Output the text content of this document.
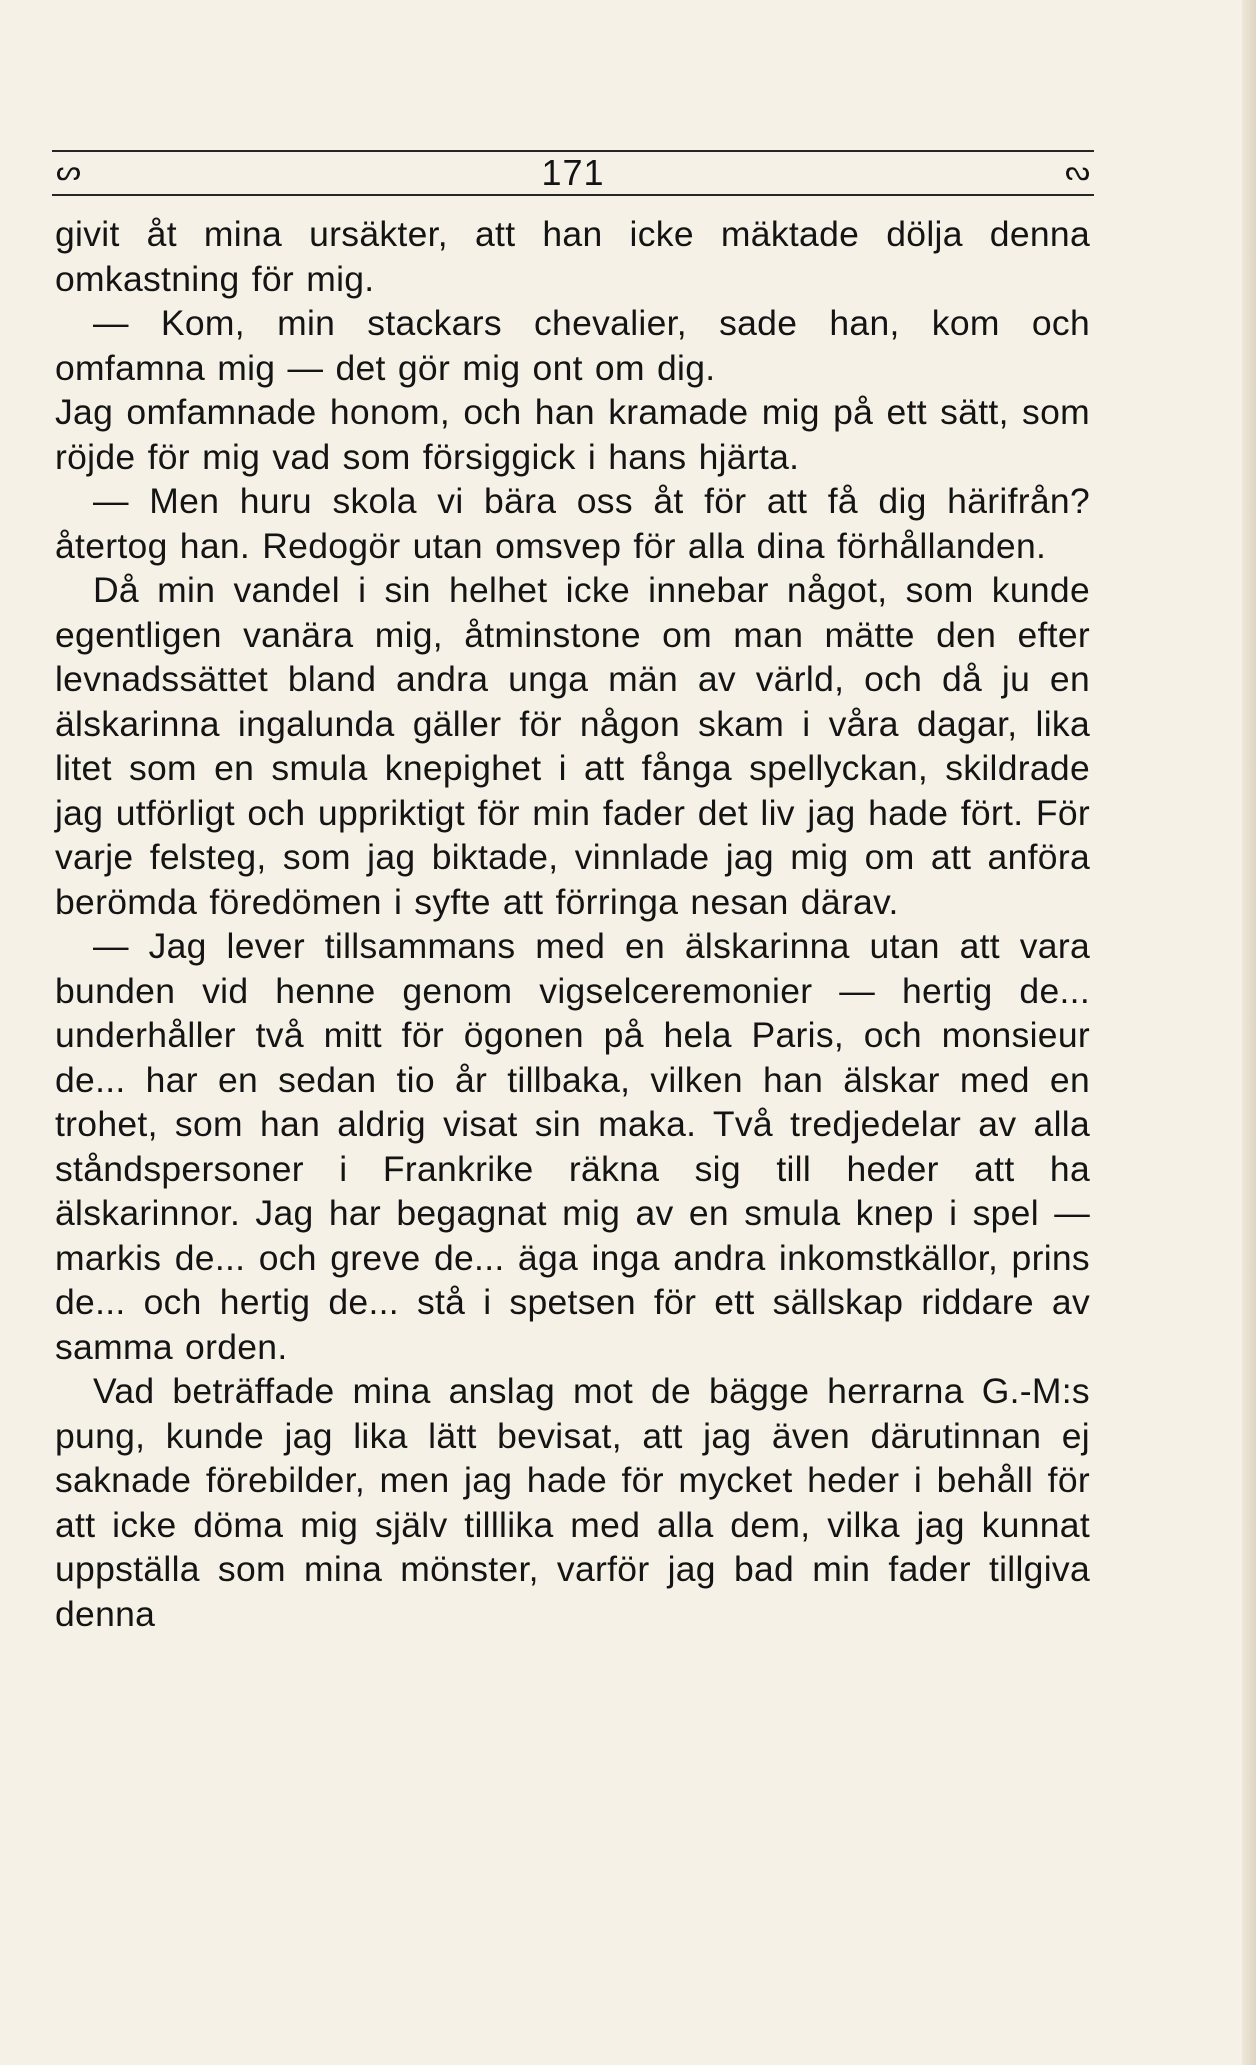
ᔕ	171	ᔕ

givit åt mina ursäkter, att han icke mäktade dölja denna omkastning för mig.

— Kom, min stackars chevalier, sade han, kom och omfamna mig — det gör mig ont om dig.

Jag omfamnade honom, och han kramade mig på ett sätt, som röjde för mig vad som försiggick i hans hjärta.

— Men huru skola vi bära oss åt för att få dig härifrån? återtog han. Redogör utan omsvep för alla dina förhållanden.

Då min vandel i sin helhet icke innebar något, som kunde egentligen vanära mig, åtminstone om man mätte den efter levnadssättet bland andra unga män av värld, och då ju en älskarinna ingalunda gäller för någon skam i våra dagar, lika litet som en smula knepighet i att fånga spellyckan, skildrade jag utförligt och uppriktigt för min fader det liv jag hade fört. För varje felsteg, som jag biktade, vinnlade jag mig om att anföra berömda föredömen i syfte att förringa nesan därav.

— Jag lever tillsammans med en älskarinna utan att vara bunden vid henne genom vigselceremonier — hertig de... underhåller två mitt för ögonen på hela Paris, och monsieur de... har en sedan tio år tillbaka, vilken han älskar med en trohet, som han aldrig visat sin maka. Två tredjedelar av alla ståndspersoner i Frankrike räkna sig till heder att ha älskarinnor. Jag har begagnat mig av en smula knep i spel — markis de... och greve de... äga inga andra inkomstkällor, prins de... och hertig de... stå i spetsen för ett sällskap riddare av samma orden.

Vad beträffade mina anslag mot de bägge herrarna G.-M:s pung, kunde jag lika lätt bevisat, att jag även därutinnan ej saknade förebilder, men jag hade för mycket heder i behåll för att icke döma mig själv tilllika med alla dem, vilka jag kunnat uppställa som mina mönster, varför jag bad min fader tillgiva denna
